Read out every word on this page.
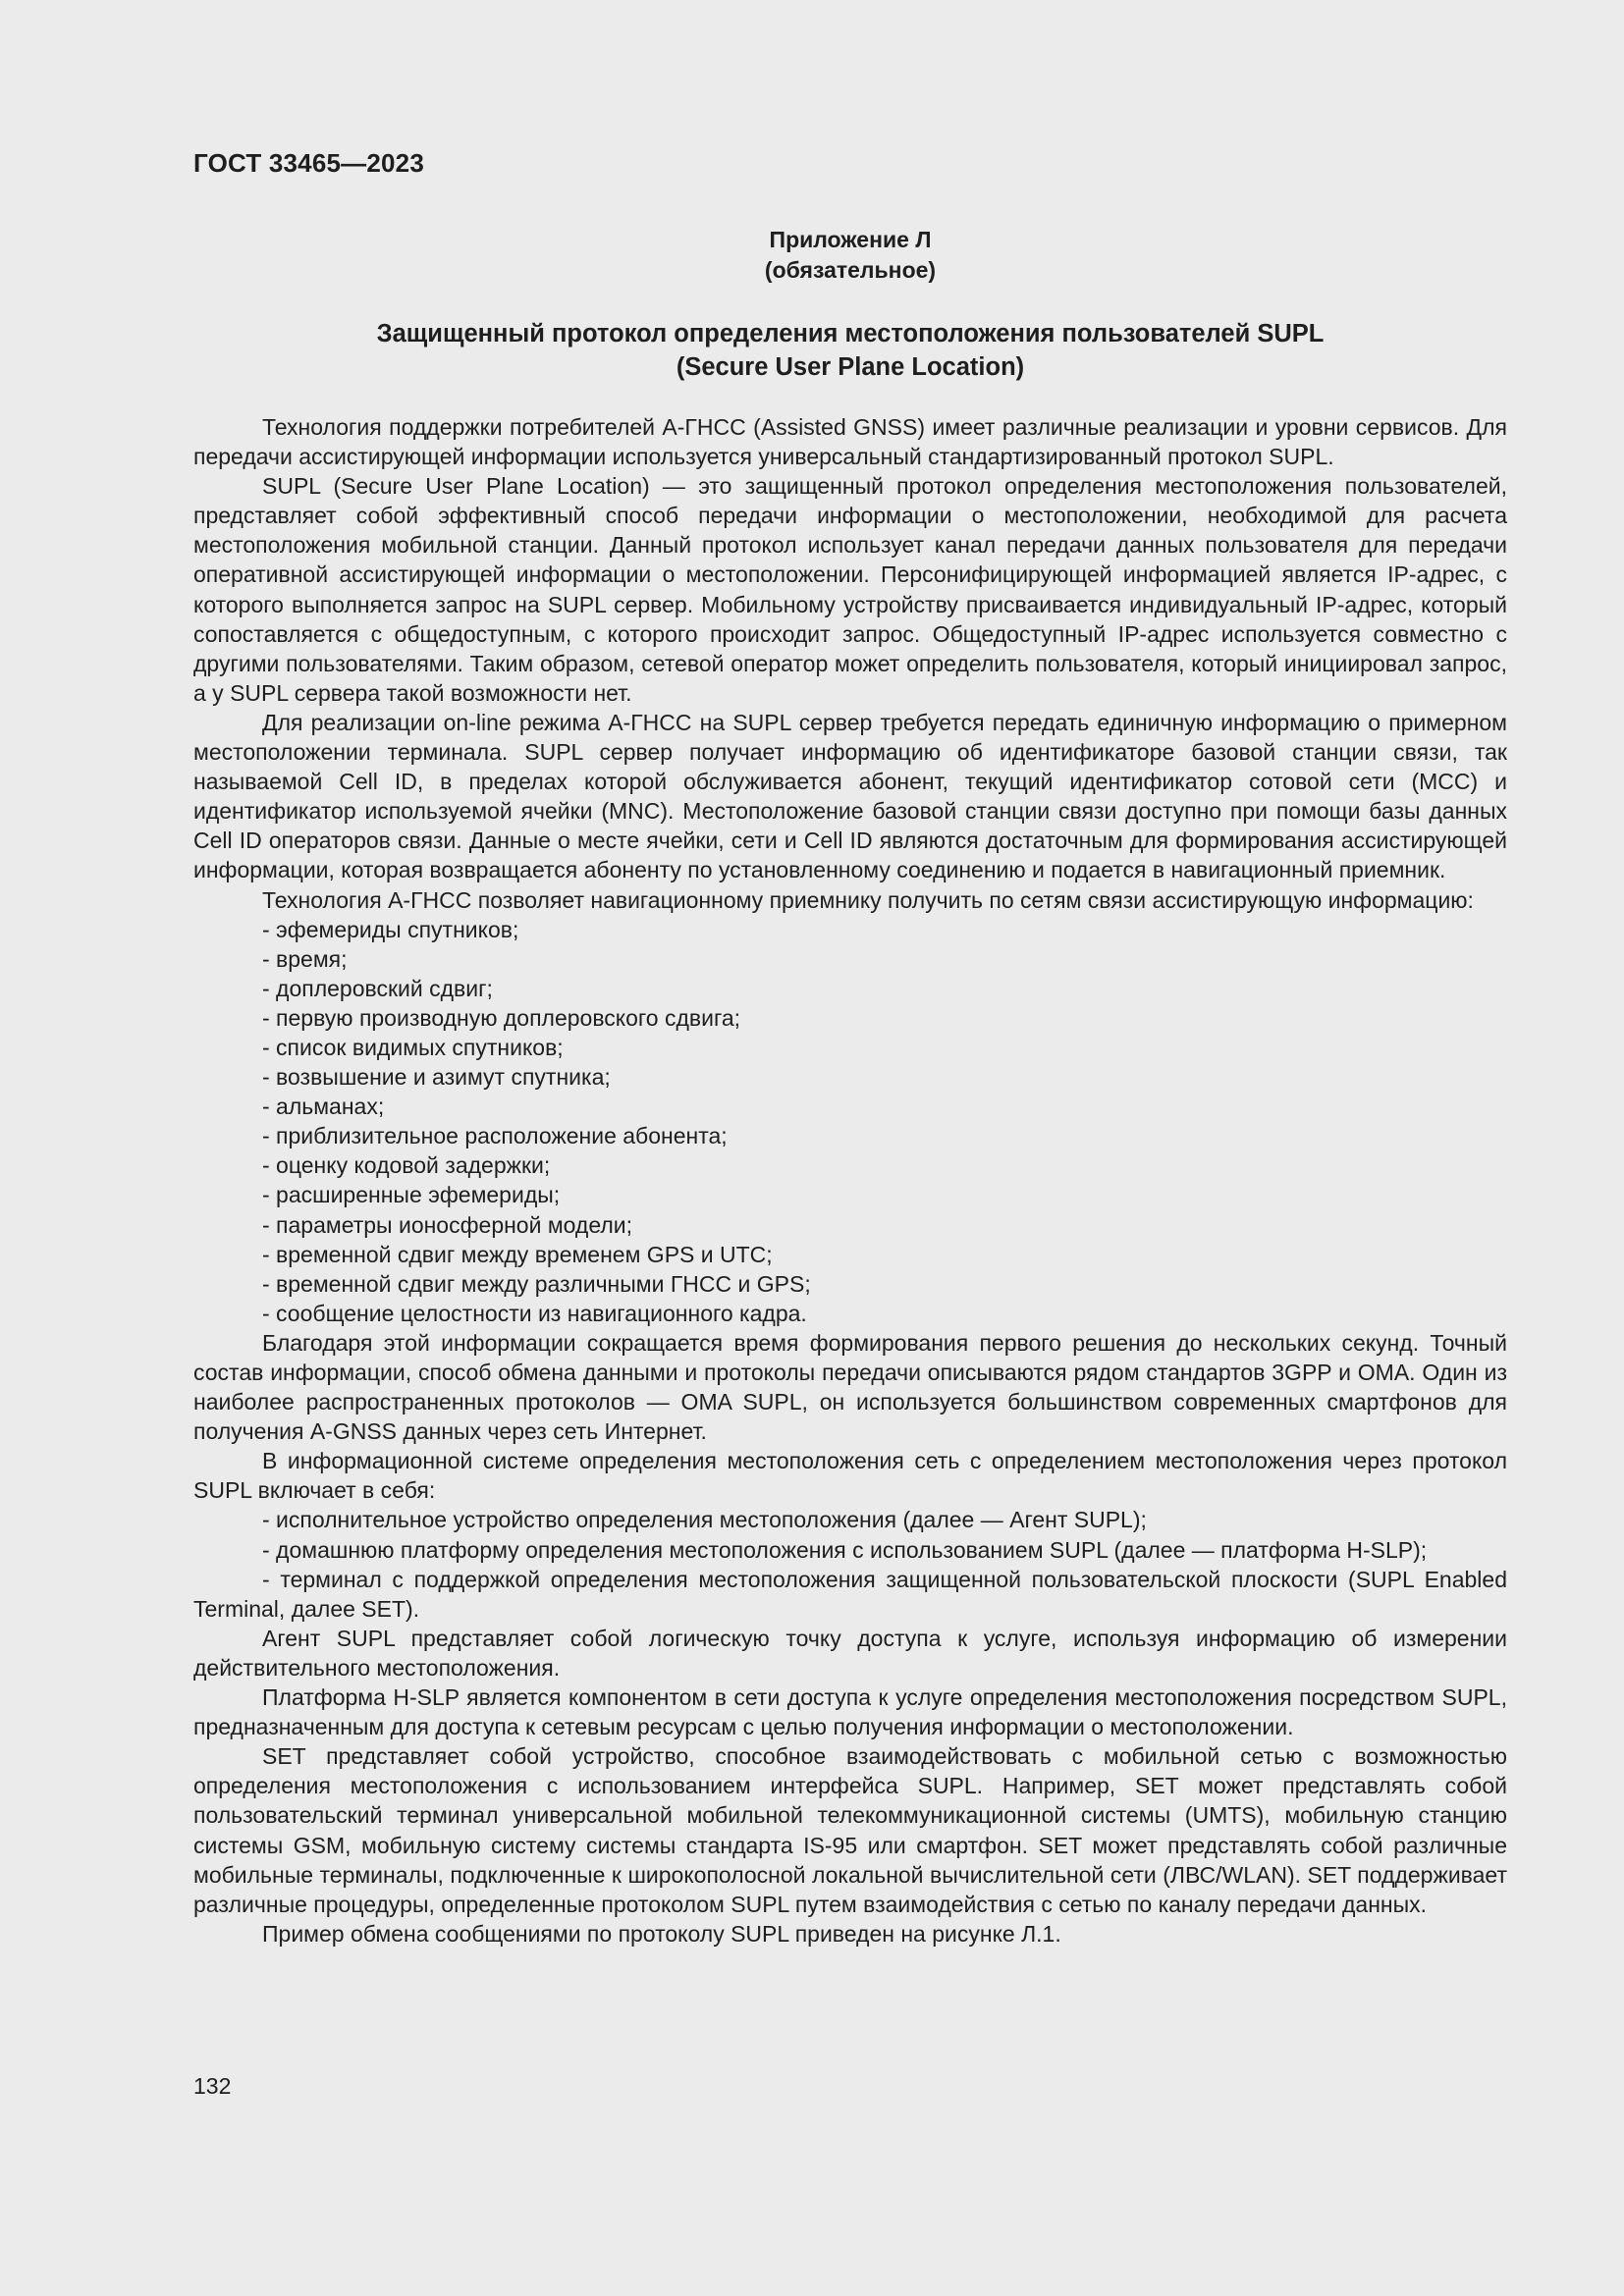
ГОСТ 33465—2023
Приложение Л
(обязательное)
Защищенный протокол определения местоположения пользователей SUPL
(Secure User Plane Location)

Технология поддержки потребителей А-ГНСС (Assisted GNSS) имеет различные реализации и уровни сервисов. Для передачи ассистирующей информации используется универсальный стандартизированный протокол SUPL.

SUPL (Secure User Plane Location) — это защищенный протокол определения местоположения пользователей, представляет собой эффективный способ передачи информации о местоположении, необходимой для расчета местоположения мобильной станции. Данный протокол использует канал передачи данных пользователя для передачи оперативной ассистирующей информации о местоположении. Персонифицирующей информацией является IP-адрес, с которого выполняется запрос на SUPL сервер. Мобильному устройству присваивается индивидуальный IP-адрес, который сопоставляется с общедоступным, с которого происходит запрос. Общедоступный IP-адрес используется совместно с другими пользователями. Таким образом, сетевой оператор может определить пользователя, который инициировал запрос, а у SUPL сервера такой возможности нет.

Для реализации on-line режима А-ГНСС на SUPL сервер требуется передать единичную информацию о примерном местоположении терминала. SUPL сервер получает информацию об идентификаторе базовой станции связи, так называемой Cell ID, в пределах которой обслуживается абонент, текущий идентификатор сотовой сети (MCC) и идентификатор используемой ячейки (MNC). Местоположение базовой станции связи доступно при помощи базы данных Cell ID операторов связи. Данные о месте ячейки, сети и Cell ID являются достаточным для формирования ассистирующей информации, которая возвращается абоненту по установленному соединению и подается в навигационный приемник.

Технология А-ГНСС позволяет навигационному приемнику получить по сетям связи ассистирующую информацию:

- эфемериды спутников;
- время;
- доплеровский сдвиг;
- первую производную доплеровского сдвига;
- список видимых спутников;
- возвышение и азимут спутника;
- альманах;
- приблизительное расположение абонента;
- оценку кодовой задержки;
- расширенные эфемериды;
- параметры ионосферной модели;
- временной сдвиг между временем GPS и UTC;
- временной сдвиг между различными ГНСС и GPS;
- сообщение целостности из навигационного кадра.

Благодаря этой информации сокращается время формирования первого решения до нескольких секунд. Точный состав информации, способ обмена данными и протоколы передачи описываются рядом стандартов 3GPP и OMA. Один из наиболее распространенных протоколов — OMA SUPL, он используется большинством современных смартфонов для получения A-GNSS данных через сеть Интернет.

В информационной системе определения местоположения сеть с определением местоположения через протокол SUPL включает в себя:

- исполнительное устройство определения местоположения (далее — Агент SUPL);
- домашнюю платформу определения местоположения с использованием SUPL (далее — платформа H-SLP);
- терминал с поддержкой определения местоположения защищенной пользовательской плоскости (SUPL Enabled Terminal, далее SET).

Агент SUPL представляет собой логическую точку доступа к услуге, используя информацию об измерении действительного местоположения.

Платформа H-SLP является компонентом в сети доступа к услуге определения местоположения посредством SUPL, предназначенным для доступа к сетевым ресурсам с целью получения информации о местоположении.

SET представляет собой устройство, способное взаимодействовать с мобильной сетью с возможностью определения местоположения с использованием интерфейса SUPL. Например, SET может представлять собой пользовательский терминал универсальной мобильной телекоммуникационной системы (UMTS), мобильную станцию системы GSM, мобильную систему системы стандарта IS-95 или смартфон. SET может представлять собой различные мобильные терминалы, подключенные к широкополосной локальной вычислительной сети (ЛВС/WLAN). SET поддерживает различные процедуры, определенные протоколом SUPL путем взаимодействия с сетью по каналу передачи данных.

Пример обмена сообщениями по протоколу SUPL приведен на рисунке Л.1.

132
